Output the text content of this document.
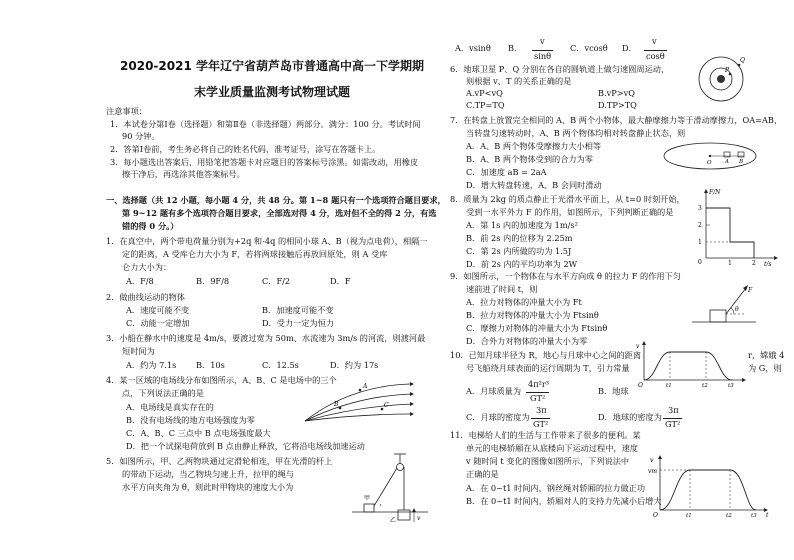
2020-2021 学年辽宁省葫芦岛市普通高中高一下学期期
末学业质量监测考试物理试题
注意事项：
1．本试卷分第Ⅰ卷（选择题）和第Ⅱ卷（非选择题）两部分。满分：100 分。考试时间
90 分钟。
2．答第Ⅰ卷前，考生务必将自己的姓名代码，准考证号，涂写在答题卡上。
3．每小题选出答案后，用铅笔把答题卡对应题目的答案标号涂黑。如需改动，用橡皮
擦干净后，再选涂其他答案标号。
一、选择题（共 12 小题，每小题 4 分，共 48 分。第 1~8 题只有一个选项符合题目要求，
第 9~12 题有多个选项符合题目要求，全部选对得 4 分，选对但不全的得 2 分，有选
错的得 0 分。）
1．在真空中，两个带电荷量分别为+2q 和-4q 的相同小球 A、B（视为点电荷），相隔一
定的距离，A 受库仑力大小为 F，若将两球接触后再放回原处，则 A 受库
仑力大小为：
A．F/8	B．9F/8	C．F/2	D．F
2．做曲线运动的物体
A．速度可能不变	B．加速度可能不变
C．动能一定增加	D．受力一定为恒力
3．小船在静水中的速度是 4m/s，要渡过宽为 50m、水流速为 3m/s 的河流，则渡河最
短时间为
A．约为 7.1s B．10s	C．12.5s	D．约为 17s
4．某一区域的电场线分布如图所示，A、B、C 是电场中的三个
点，下列说法正确的是
A．电场线是真实存在的
B．没有电场线的地方电场强度为零
C．A、B、C 三点中 B 点电场强度最大
D．把一个试探电荷放到 B 点由静止释放，它将沿电场线加速运动
A
B	C
5．如图所示，甲、乙两物块通过定滑轮相连，甲在光滑的杆上
的带动下运动，当乙物块匀速上升，拉甲的绳与
水平方向夹角为 θ，则此时甲物块的速度大小为
甲
乙	v
A．vsinθ B．
v
sinθ
C．vcosθ D．
v
cosθ
6．地球卫星 P、Q 分别在各自的圆轨道上做匀速圆周运动，
则根据 v、T 的关系正确的是
A.vP<vQ	B.vP>vQ
C.TP=TQ	D.TP>TQ
P
Q
7．在转盘上放置完全相同的 A、B 两个小物体，最大静摩擦力等于滑动摩擦力，OA=AB，
当转盘匀速转动时，A、B 两个物体均相对转盘静止状态，则
A．A、B 两个物体受摩擦力大小相等
B．A、B 两个物体受到的合力为零
C．加速度 aB = 2aA
D．增大转盘转速，A、B 会同时滑动
O A B
8．质量为 2kg 的质点静止于光滑水平面上，从 t=0 时刻开始，
受到一水平外力 F 的作用，如图所示，下列判断正确的是
A．第 1s 内的加速度为 1m/s²
B．前 2s 内的位移为 2.25m
C．第 2s 内所做的功为 1.5J
D．前 2s 内的平均功率为 2W
F/N
t/s
3
2
1
0	1	2
9．如图所示，一个物体在与水平方向成 θ 的拉力 F 的作用下匀
速前进了时间 t，则
A．拉力对物体的冲量大小为 Ft
B．拉力对物体的冲量大小为 Ftsinθ
C．摩擦力对物体的冲量大小为 Ftsinθ
D．合外力对物体的冲量大小为零
F
θ
10．已知月球半径为 R，地心与月球中心之间的距离	r，嫦娥 4
号飞船绕月球表面的运行周期为 T，引力常量	为 G，则
A．月球质量为
4π²r³
GT²
B．地球
C．月球的密度为
3π
GT²
D．地球的密度为
3π
GT²
11．电梯给人们的生活与工作带来了很多的便利。某
单元的电梯轿厢在从底楼向下运动过程中，速度
v 随时间 t 变化的图像如图所示，下列说法中
正确的是
A．在 0~t1 时间内，钢丝绳对轿厢的拉力做正功
B．在 0~t1 时间内，轿厢对人的支持力先减小后增大
v
O	t1	t2	t3
v
vm
O	t1	t2	t3 t
